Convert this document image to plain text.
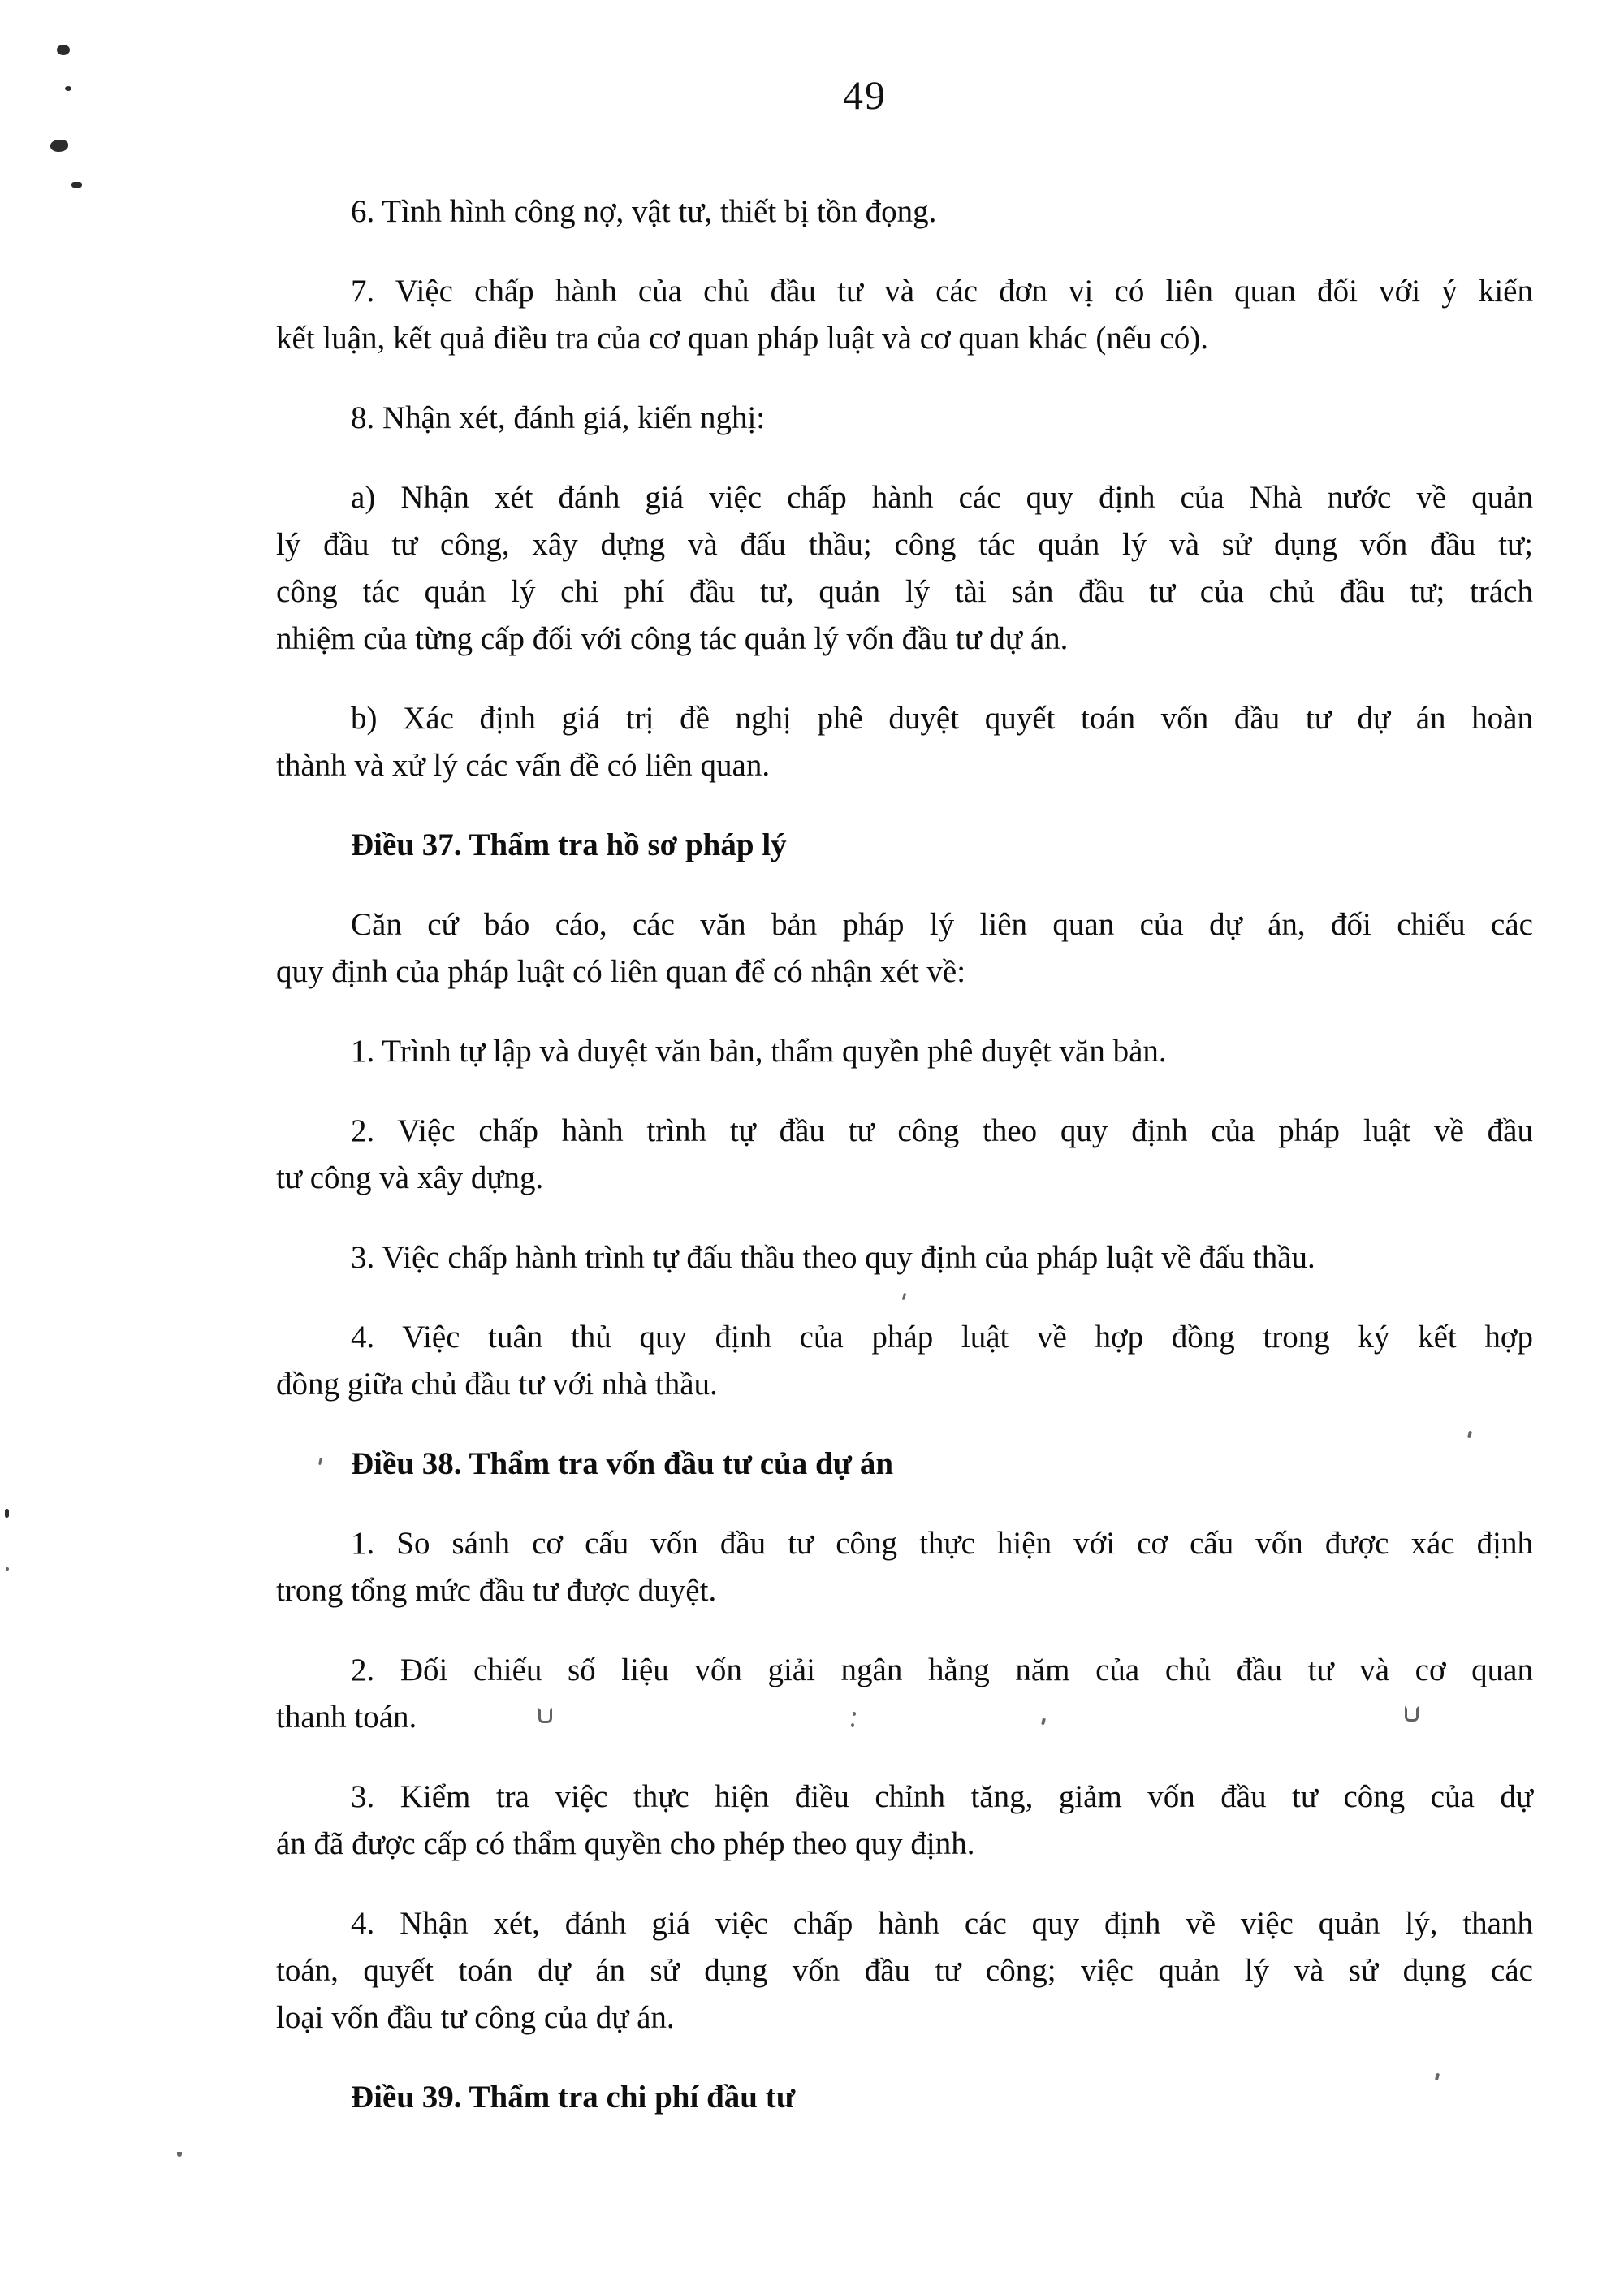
49
6. Tình hình công nợ, vật tư, thiết bị tồn đọng.
7. Việc chấp hành của chủ đầu tư và các đơn vị có liên quan đối với ý kiến
kết luận, kết quả điều tra của cơ quan pháp luật và cơ quan khác (nếu có).
8. Nhận xét, đánh giá, kiến nghị:
a) Nhận xét đánh giá việc chấp hành các quy định của Nhà nước về quản
lý đầu tư công, xây dựng và đấu thầu; công tác quản lý và sử dụng vốn đầu tư;
công tác quản lý chi phí đầu tư, quản lý tài sản đầu tư của chủ đầu tư; trách
nhiệm của từng cấp đối với công tác quản lý vốn đầu tư dự án.
b) Xác định giá trị đề nghị phê duyệt quyết toán vốn đầu tư dự án hoàn
thành và xử lý các vấn đề có liên quan.
Điều 37. Thẩm tra hồ sơ pháp lý
Căn cứ báo cáo, các văn bản pháp lý liên quan của dự án, đối chiếu các
quy định của pháp luật có liên quan để có nhận xét về:
1. Trình tự lập và duyệt văn bản, thẩm quyền phê duyệt văn bản.
2. Việc chấp hành trình tự đầu tư công theo quy định của pháp luật về đầu
tư công và xây dựng.
3. Việc chấp hành trình tự đấu thầu theo quy định của pháp luật về đấu thầu.
4. Việc tuân thủ quy định của pháp luật về hợp đồng trong ký kết hợp
đồng giữa chủ đầu tư với nhà thầu.
Điều 38. Thẩm tra vốn đầu tư của dự án
1. So sánh cơ cấu vốn đầu tư công thực hiện với cơ cấu vốn được xác định
trong tổng mức đầu tư được duyệt.
2. Đối chiếu số liệu vốn giải ngân hằng năm của chủ đầu tư và cơ quan
thanh toán.
3. Kiểm tra việc thực hiện điều chỉnh tăng, giảm vốn đầu tư công của dự
án đã được cấp có thẩm quyền cho phép theo quy định.
4. Nhận xét, đánh giá việc chấp hành các quy định về việc quản lý, thanh
toán, quyết toán dự án sử dụng vốn đầu tư công; việc quản lý và sử dụng các
loại vốn đầu tư công của dự án.
Điều 39. Thẩm tra chi phí đầu tư
